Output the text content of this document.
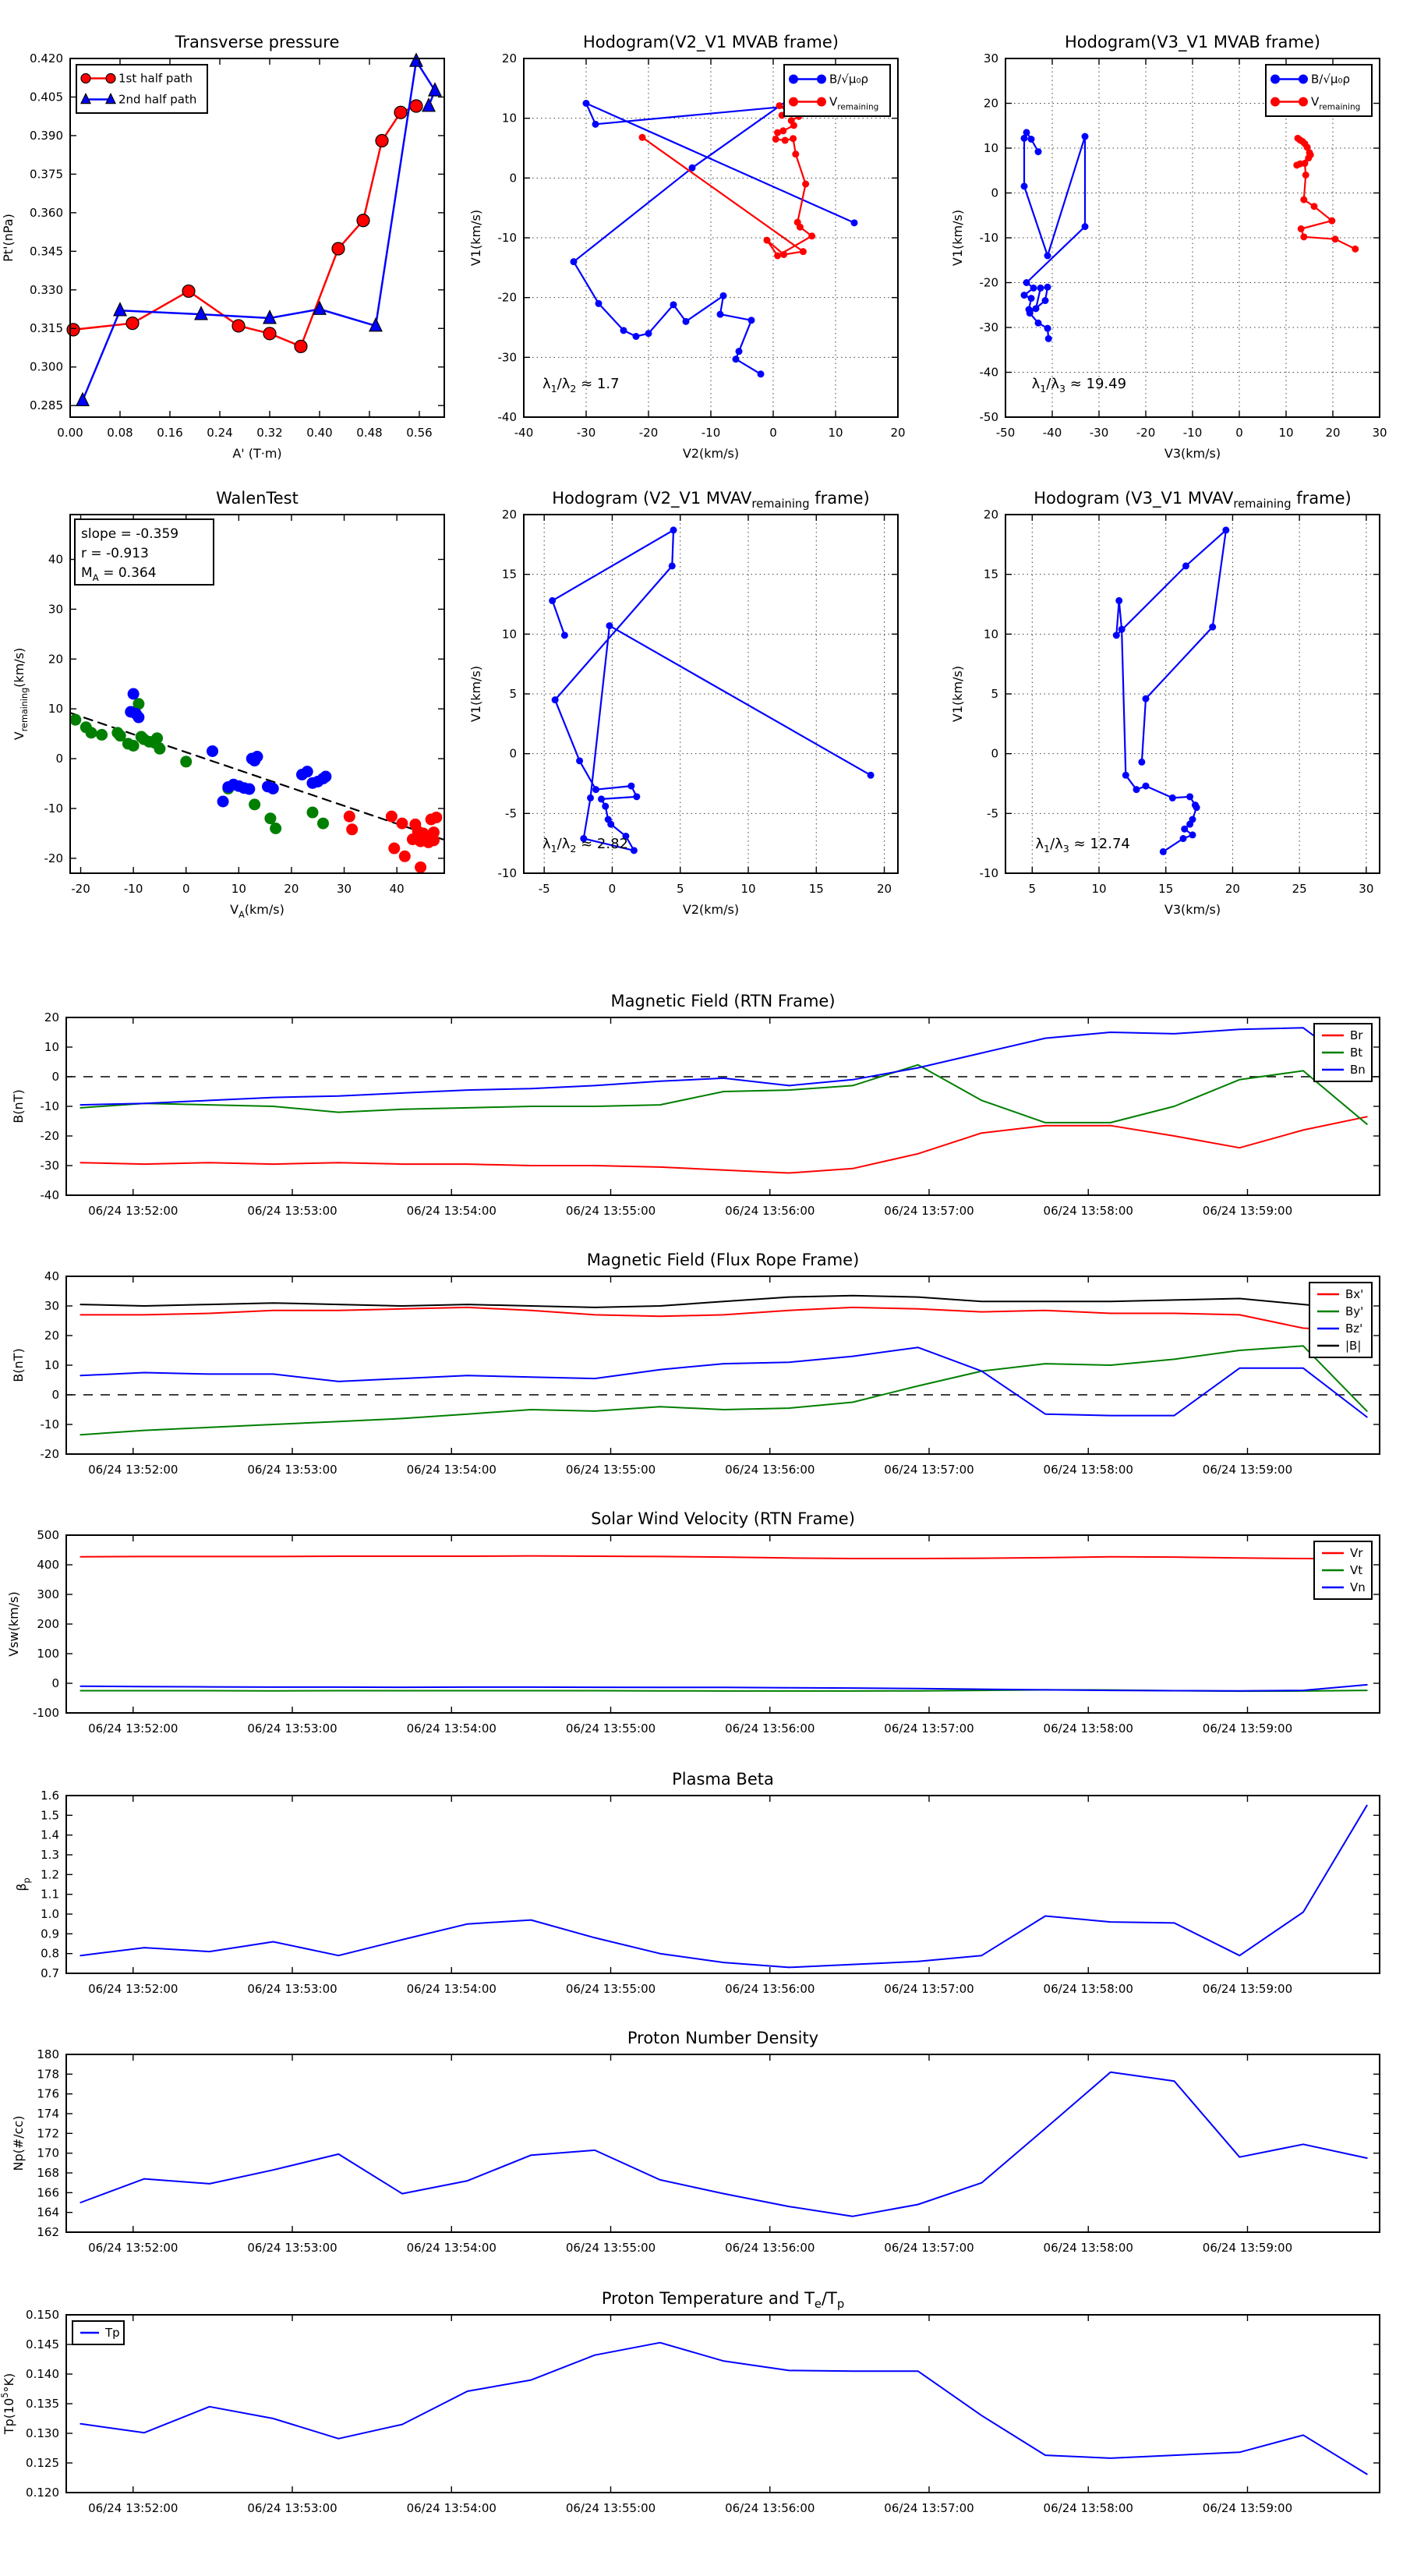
0.00 0.08 0.16 0.24 0.32 0.40 0.48 0.56
0.420
0.405
0.390
0.375
0.360
0.345
0.330
0.315
0.300
0.285
Transverse pressure
A' (T·m)
Pt'(nPa)
1st half path
2nd half path
-40	-30	-20	-10	0	10	20
20
10
0
-10
-20
-30
-40
Hodogram(V2_V1 MVAB frame)
V2(km/s)
V1(km/s)
$\lambda_1/\lambda_2 \approx 1.7$
B/√μ₀ρ
$V_{remaining}$
-50 -40 -30 -20 -10	0	10	20	30
30
20
10
0
-10
-20
-30
-40
-50
Hodogram(V3_V1 MVAB frame)
V3(km/s)
V1(km/s)
$\lambda_1/\lambda_3 \approx 19.49$
B/√μ₀ρ
$V_{remaining}$
-20	-10	0	10	20	30	40
40
30
20
10
0
-10
-20
WalenTest
$V_A(km/s)$
$V_{remaining}(km/s)$
slope = -0.359
r = -0.913
$M_A = 0.364$
-5	0	5	10	15	20
20
15
10
5
0
-5
-10
Hodogram (V2_V1 $MVAV_{remaining}$ frame)
V2(km/s)
V1(km/s)
$\lambda_1/\lambda_2 \approx 2.82$
5	10	15	20	25	30
20
15
10
5
0
-5
-10
Hodogram (V3_V1 $MVAV_{remaining}$ frame)
V3(km/s)
V1(km/s)
$\lambda_1/\lambda_3 \approx 12.74$
06/24 13:52:00	06/24 13:53:00	06/24 13:54:00	06/24 13:55:00	06/24 13:56:00	06/24 13:57:00	06/24 13:58:00	06/24 13:59:00
20
10
0
-10
-20
-30
-40
Magnetic Field (RTN Frame)
B(nT)
Br
Bt
Bn
06/24 13:52:00	06/24 13:53:00	06/24 13:54:00	06/24 13:55:00	06/24 13:56:00	06/24 13:57:00	06/24 13:58:00	06/24 13:59:00
40
30
20
10
0
-10
-20
Magnetic Field (Flux Rope Frame)
B(nT)
Bx'
By'
Bz'
|B|
06/24 13:52:00	06/24 13:53:00	06/24 13:54:00	06/24 13:55:00	06/24 13:56:00	06/24 13:57:00	06/24 13:58:00	06/24 13:59:00
500
400
300
200
100
0
-100
Solar Wind Velocity (RTN Frame)
Vsw(km/s)
Vr
Vt
Vn
06/24 13:52:00	06/24 13:53:00	06/24 13:54:00	06/24 13:55:00	06/24 13:56:00	06/24 13:57:00	06/24 13:58:00	06/24 13:59:00
1.6
1.5
1.4
1.3
1.2
1.1
1.0
0.9
0.8
0.7
Plasma Beta
$\beta_p$
06/24 13:52:00	06/24 13:53:00	06/24 13:54:00	06/24 13:55:00	06/24 13:56:00	06/24 13:57:00	06/24 13:58:00	06/24 13:59:00
180
178
176
174
172
170
168
166
164
162
Proton Number Density
Np(#/cc)
06/24 13:52:00	06/24 13:53:00	06/24 13:54:00	06/24 13:55:00	06/24 13:56:00	06/24 13:57:00	06/24 13:58:00	06/24 13:59:00
0.150
0.145
0.140
0.135
0.130
0.125
0.120
Proton Temperature and $T_e/T_p$
$Tp(10^5^\circ K)$
Tp
